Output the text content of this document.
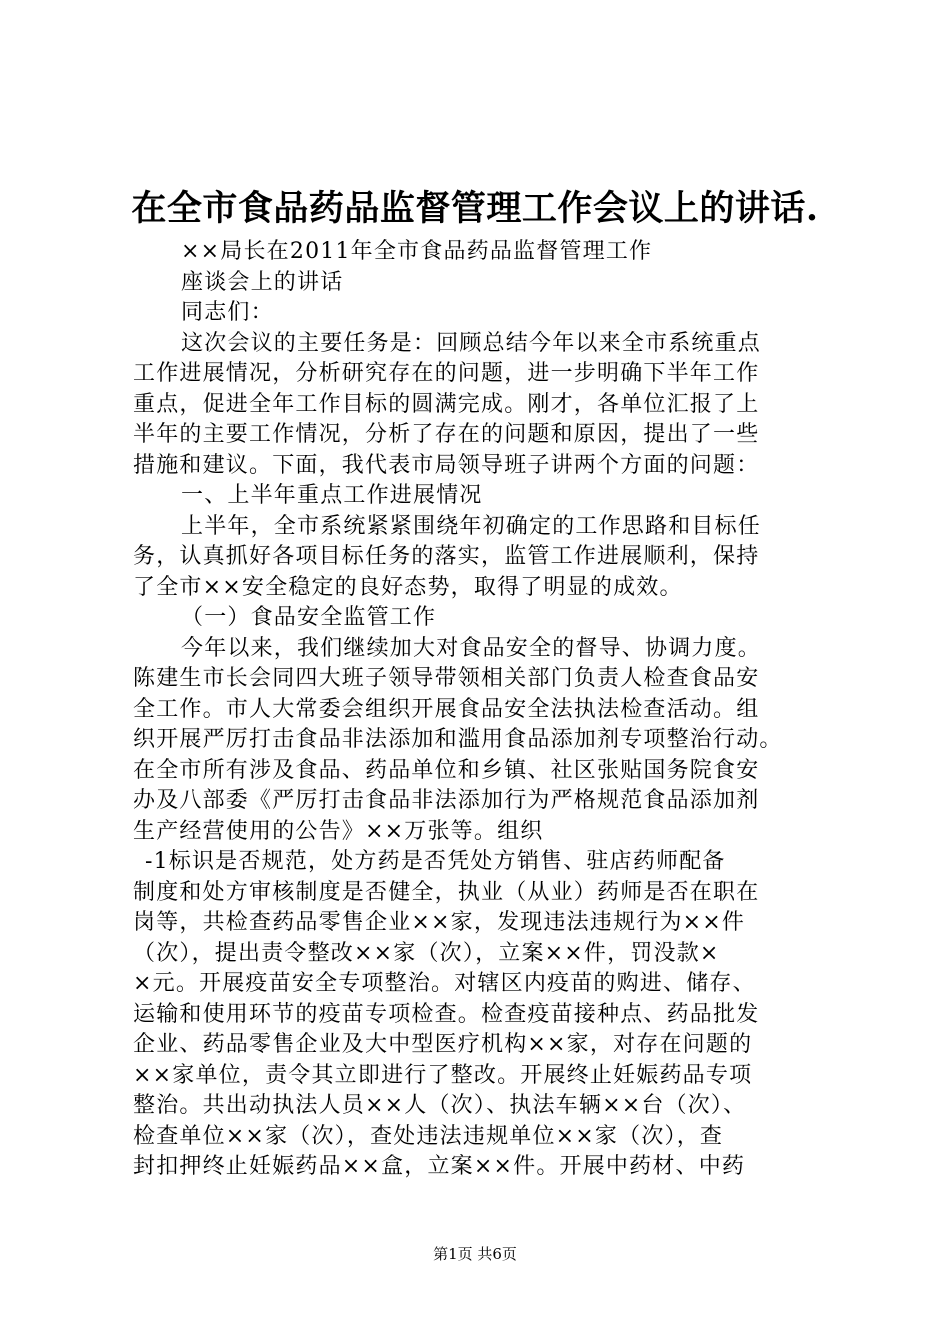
在全市食品药品监督管理工作会议上的讲话.
××局长在2011年全市食品药品监督管理工作
座谈会上的讲话
同志们：
这次会议的主要任务是：回顾总结今年以来全市系统重点
工作进展情况，分析研究存在的问题，进一步明确下半年工作
重点，促进全年工作目标的圆满完成。刚才，各单位汇报了上
半年的主要工作情况，分析了存在的问题和原因，提出了一些
措施和建议。下面，我代表市局领导班子讲两个方面的问题：
一、上半年重点工作进展情况
上半年，全市系统紧紧围绕年初确定的工作思路和目标任
务，认真抓好各项目标任务的落实，监管工作进展顺利，保持
了全市××安全稳定的良好态势，取得了明显的成效。
（一）食品安全监管工作
今年以来，我们继续加大对食品安全的督导、协调力度。
陈建生市长会同四大班子领导带领相关部门负责人检查食品安
全工作。市人大常委会组织开展食品安全法执法检查活动。组
织开展严厉打击食品非法添加和滥用食品添加剂专项整治行动。
在全市所有涉及食品、药品单位和乡镇、社区张贴国务院食安
办及八部委《严厉打击食品非法添加行为严格规范食品添加剂
生产经营使用的公告》××万张等。组织
-1标识是否规范，处方药是否凭处方销售、驻店药师配备
制度和处方审核制度是否健全，执业（从业）药师是否在职在
岗等，共检查药品零售企业××家，发现违法违规行为××件
（次），提出责令整改××家（次），立案××件，罚没款×
×元。开展疫苗安全专项整治。对辖区内疫苗的购进、储存、
运输和使用环节的疫苗专项检查。检查疫苗接种点、药品批发
企业、药品零售企业及大中型医疗机构××家，对存在问题的
××家单位，责令其立即进行了整改。开展终止妊娠药品专项
整治。共出动执法人员××人（次）、执法车辆××台（次）、
检查单位××家（次），查处违法违规单位××家（次），查
封扣押终止妊娠药品××盒，立案××件。开展中药材、中药
第1页 共6页
